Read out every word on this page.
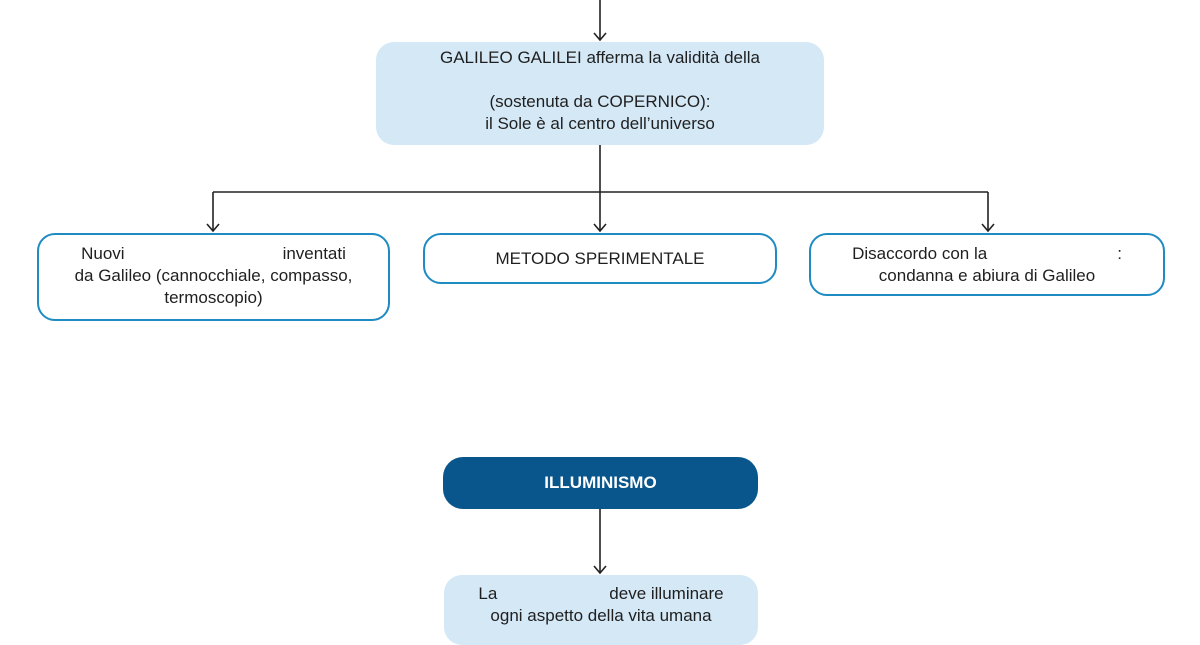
GALILEO GALILEI afferma la validità della
(sostenuta da COPERNICO):
il Sole è al centro dell’universo
Nuovi	inventati
da Galileo (cannocchiale, compasso,
termoscopio)
METODO SPERIMENTALE	Disaccordo con la	:
condanna e abiura di Galileo
ILLUMINISMO
La	deve illuminare
ogni aspetto della vita umana
